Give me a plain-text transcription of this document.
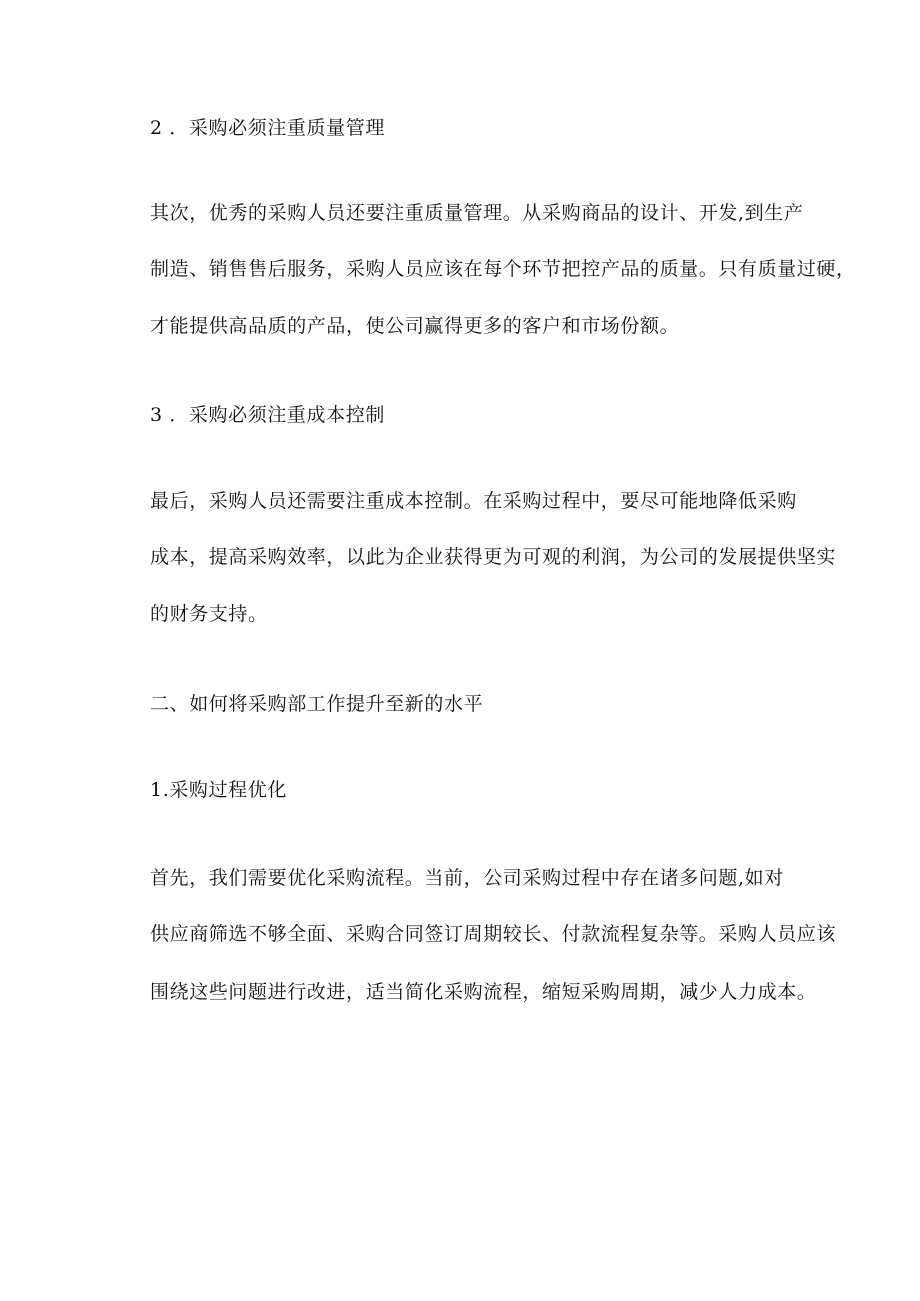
2 ．采购必须注重质量管理
其次，优秀的采购人员还要注重质量管理。从采购商品的设计、开发,到生产
制造、销售售后服务，采购人员应该在每个环节把控产品的质量。只有质量过硬，
才能提供高品质的产品，使公司赢得更多的客户和市场份额。
3 ．采购必须注重成本控制
最后，采购人员还需要注重成本控制。在采购过程中，要尽可能地降低采购
成本，提高采购效率，以此为企业获得更为可观的利润，为公司的发展提供坚实
的财务支持。
二、如何将采购部工作提升至新的水平
1.采购过程优化
首先，我们需要优化采购流程。当前，公司采购过程中存在诸多问题,如对
供应商筛选不够全面、采购合同签订周期较长、付款流程复杂等。采购人员应该
围绕这些问题进行改进，适当简化采购流程，缩短采购周期，减少人力成本。
